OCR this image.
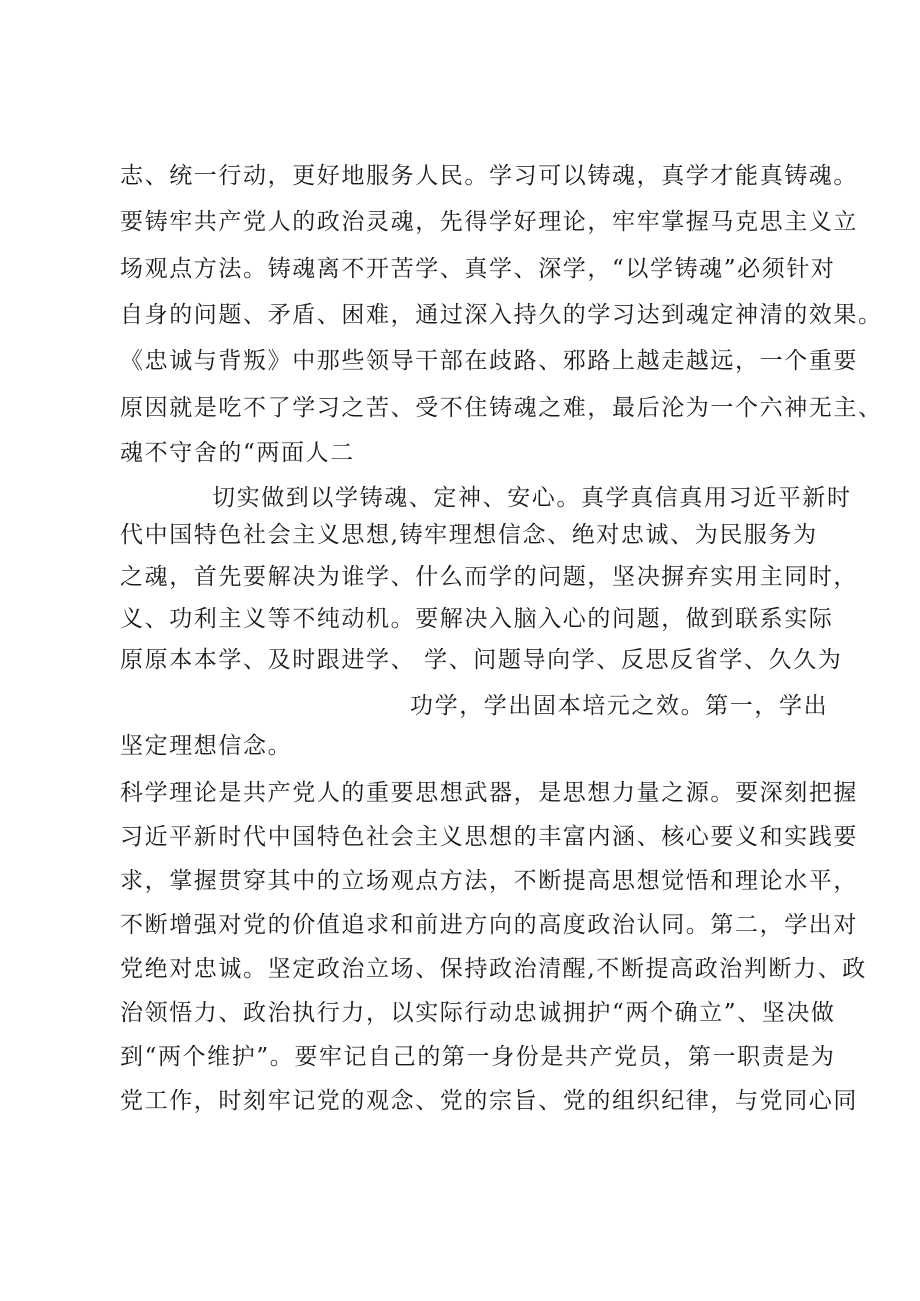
志、统一行动，更好地服务人民。学习可以铸魂，真学才能真铸魂。
要铸牢共产党人的政治灵魂，先得学好理论，牢牢掌握马克思主义立
场观点方法。铸魂离不开苦学、真学、深学，“以学铸魂”必须针对
自身的问题、矛盾、困难，通过深入持久的学习达到魂定神清的效果。
《忠诚与背叛》中那些领导干部在歧路、邪路上越走越远，一个重要
原因就是吃不了学习之苦、受不住铸魂之难，最后沦为一个六神无主、
魂不守舍的“两面人二
切实做到以学铸魂、定神、安心。真学真信真用习近平新时
代中国特色社会主义思想,铸牢理想信念、绝对忠诚、为民服务为
之魂，首先要解决为谁学、什么而学的问题，坚决摒弃实用主同时，
义、功利主义等不纯动机。要解决入脑入心的问题，做到联系实际
原原本本学、及时跟进学、 学、问题导向学、反思反省学、久久为
功学，学出固本培元之效。第一，学出
坚定理想信念。
科学理论是共产党人的重要思想武器，是思想力量之源。要深刻把握
习近平新时代中国特色社会主义思想的丰富内涵、核心要义和实践要
求，掌握贯穿其中的立场观点方法，不断提高思想觉悟和理论水平，
不断增强对党的价值追求和前进方向的高度政治认同。第二，学出对
党绝对忠诚。坚定政治立场、保持政治清醒,不断提高政治判断力、政
治领悟力、政治执行力，以实际行动忠诚拥护“两个确立”、坚决做
到“两个维护”。要牢记自己的第一身份是共产党员，第一职责是为
党工作，时刻牢记党的观念、党的宗旨、党的组织纪律，与党同心同
